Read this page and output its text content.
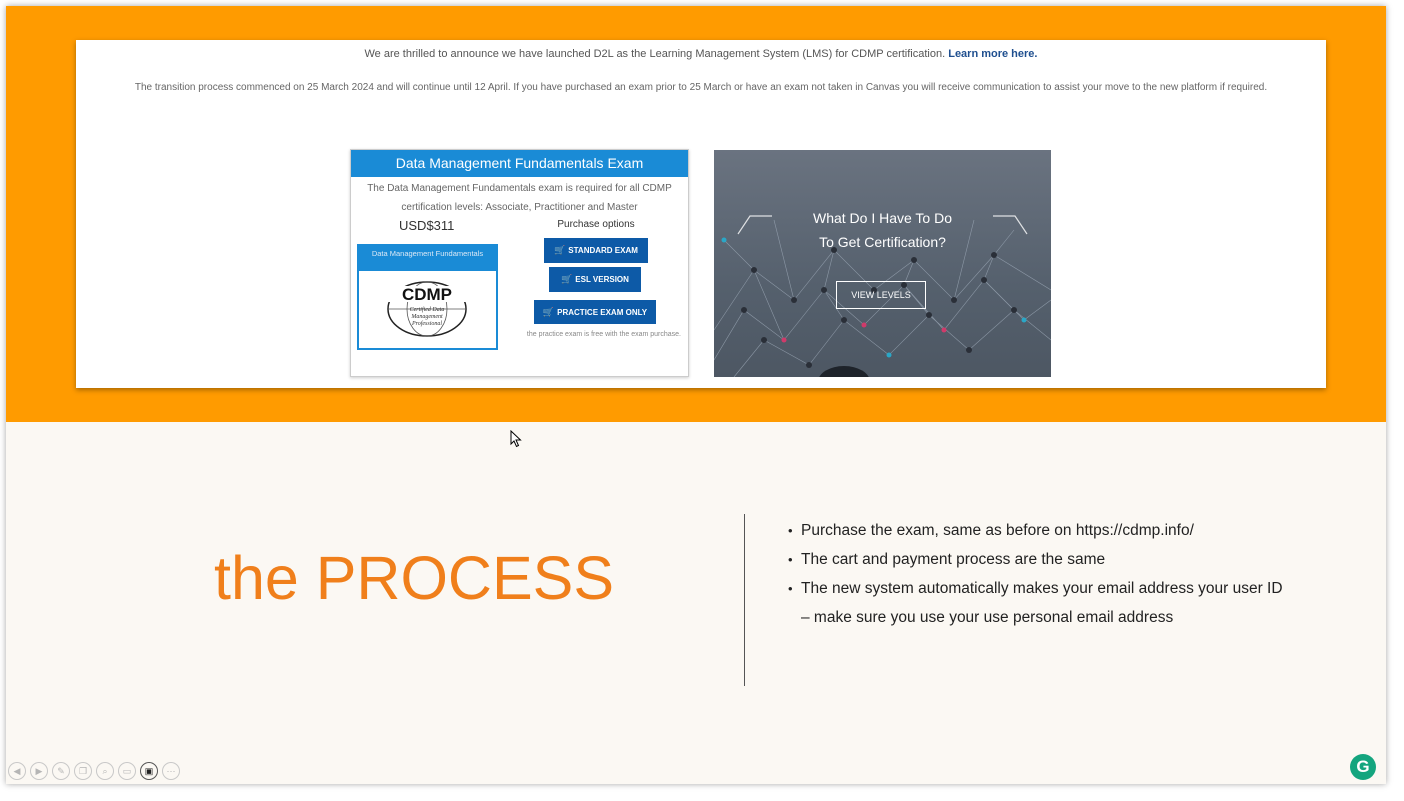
We are thrilled to announce we have launched D2L as the Learning Management System (LMS) for CDMP certification. Learn more here.
The transition process commenced on 25 March 2024 and will continue until 12 April. If you have purchased an exam prior to 25 March or have an exam not taken in Canvas you will receive communication to assist your move to the new platform if required.
Data Management Fundamentals Exam
The Data Management Fundamentals exam is required for all CDMP certification levels: Associate, Practitioner and Master
USD$311	Purchase options
🛒 STANDARD EXAM
🛒 ESL VERSION
🛒 PRACTICE EXAM ONLY
the practice exam is free with the exam purchase.
Data Management Fundamentals
CDMP
Certified Data
Management
Professional
What Do I Have To Do
To Get Certification?
VIEW LEVELS
the PROCESS
• Purchase the exam, same as before on https://cdmp.info/
• The cart and payment process are the same
• The new system automatically makes your email address your user ID
– make sure you use your use personal email address
◀	▶	✎	❐	⌕	▭	▣	⋯	G
